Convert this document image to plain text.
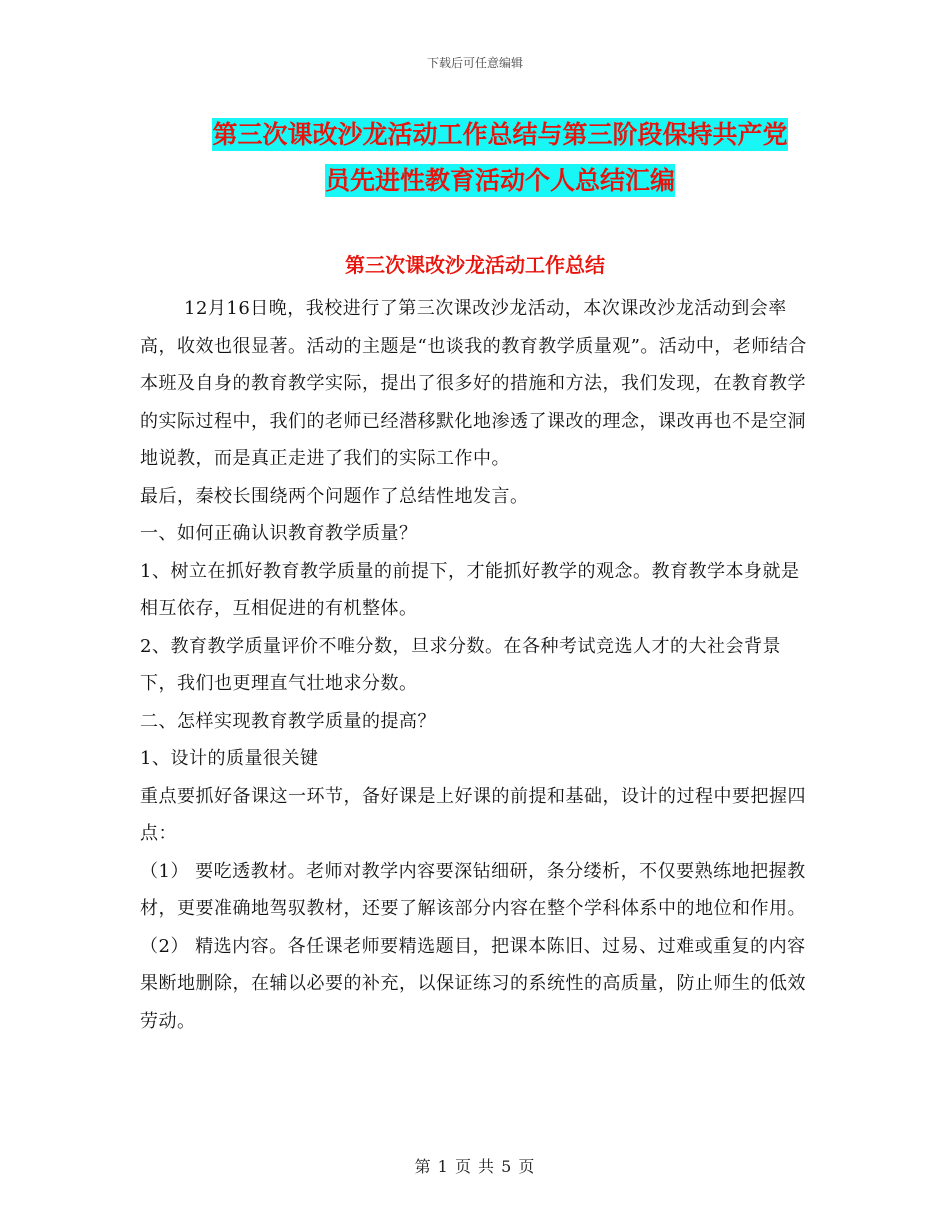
下载后可任意编辑
第三次课改沙龙活动工作总结与第三阶段保持共产党
员先进性教育活动个人总结汇编
第三次课改沙龙活动工作总结

12月16日晚，我校进行了第三次课改沙龙活动，本次课改沙龙活动到会率高，收效也很显著。活动的主题是“也谈我的教育教学质量观”。活动中，老师结合本班及自身的教育教学实际，提出了很多好的措施和方法，我们发现，在教育教学的实际过程中，我们的老师已经潜移默化地渗透了课改的理念，课改再也不是空洞地说教，而是真正走进了我们的实际工作中。

最后，秦校长围绕两个问题作了总结性地发言。

一、如何正确认识教育教学质量？

1、树立在抓好教育教学质量的前提下，才能抓好教学的观念。教育教学本身就是相互依存，互相促进的有机整体。

2、教育教学质量评价不唯分数，旦求分数。在各种考试竞选人才的大社会背景下，我们也更理直气壮地求分数。

二、怎样实现教育教学质量的提高？

1、设计的质量很关键

重点要抓好备课这一环节，备好课是上好课的前提和基础，设计的过程中要把握四点：

（1） 要吃透教材。老师对教学内容要深钻细研，条分缕析，不仅要熟练地把握教材，更要准确地驾驭教材，还要了解该部分内容在整个学科体系中的地位和作用。

（2） 精选内容。各任课老师要精选题目，把课本陈旧、过易、过难或重复的内容果断地删除，在辅以必要的补充，以保证练习的系统性的高质量，防止师生的低效劳动。

第 1 页 共 5 页
